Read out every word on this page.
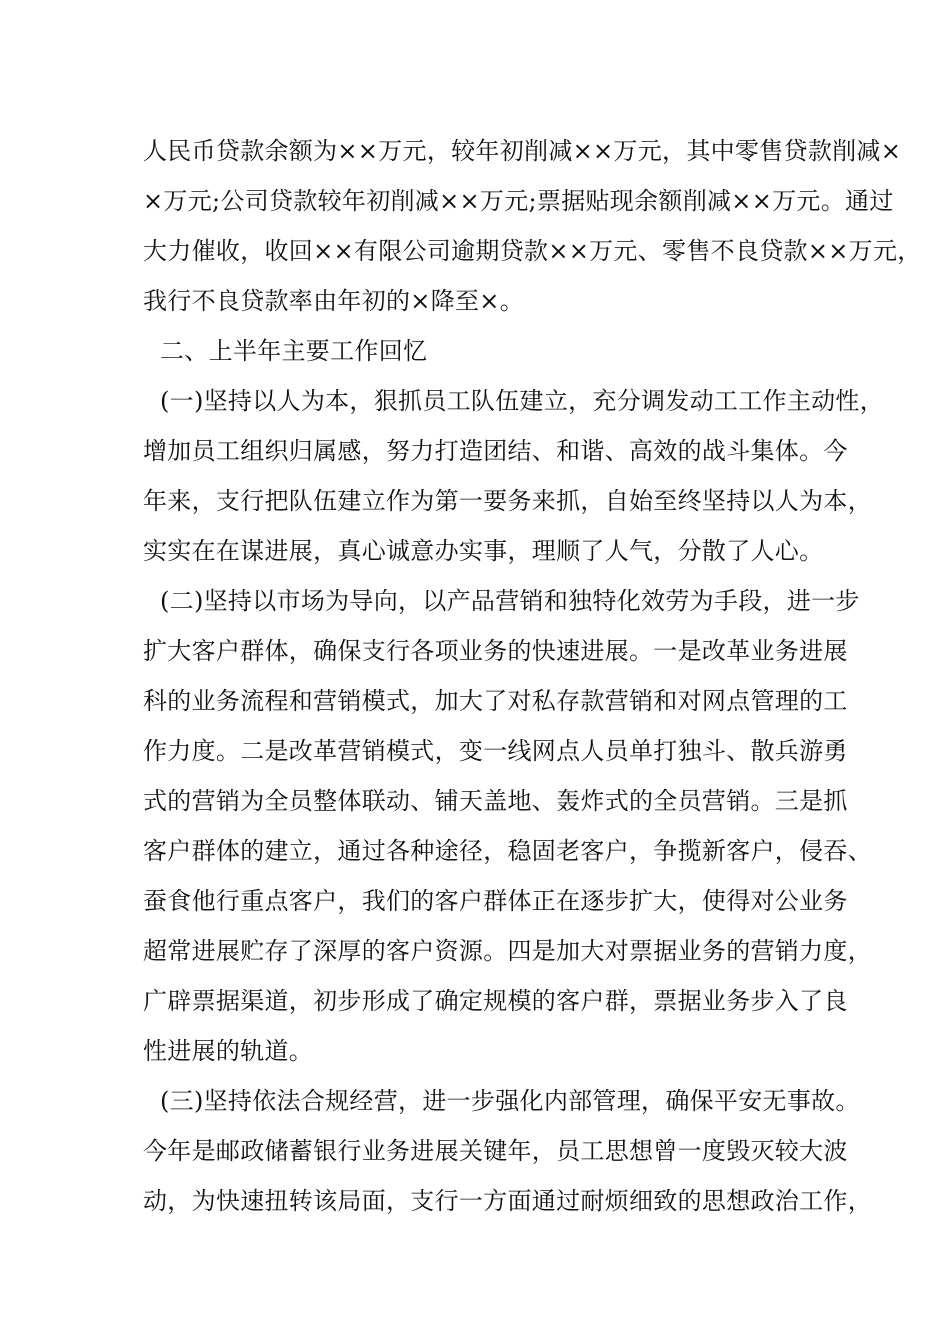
人民币贷款余额为××万元，较年初削减××万元，其中零售贷款削减×
×万元;公司贷款较年初削减××万元;票据贴现余额削减××万元。通过
大力催收，收回××有限公司逾期贷款××万元、零售不良贷款××万元，
我行不良贷款率由年初的×降至×。
二、上半年主要工作回忆
(一)坚持以人为本，狠抓员工队伍建立，充分调发动工工作主动性，
增加员工组织归属感，努力打造团结、和谐、高效的战斗集体。今
年来，支行把队伍建立作为第一要务来抓，自始至终坚持以人为本，
实实在在谋进展，真心诚意办实事，理顺了人气，分散了人心。
(二)坚持以市场为导向，以产品营销和独特化效劳为手段，进一步
扩大客户群体，确保支行各项业务的快速进展。一是改革业务进展
科的业务流程和营销模式，加大了对私存款营销和对网点管理的工
作力度。二是改革营销模式，变一线网点人员单打独斗、散兵游勇
式的营销为全员整体联动、铺天盖地、轰炸式的全员营销。三是抓
客户群体的建立，通过各种途径，稳固老客户，争揽新客户，侵吞、
蚕食他行重点客户，我们的客户群体正在逐步扩大，使得对公业务
超常进展贮存了深厚的客户资源。四是加大对票据业务的营销力度，
广辟票据渠道，初步形成了确定规模的客户群，票据业务步入了良
性进展的轨道。
(三)坚持依法合规经营，进一步强化内部管理，确保平安无事故。
今年是邮政储蓄银行业务进展关键年，员工思想曾一度毁灭较大波
动，为快速扭转该局面，支行一方面通过耐烦细致的思想政治工作，
